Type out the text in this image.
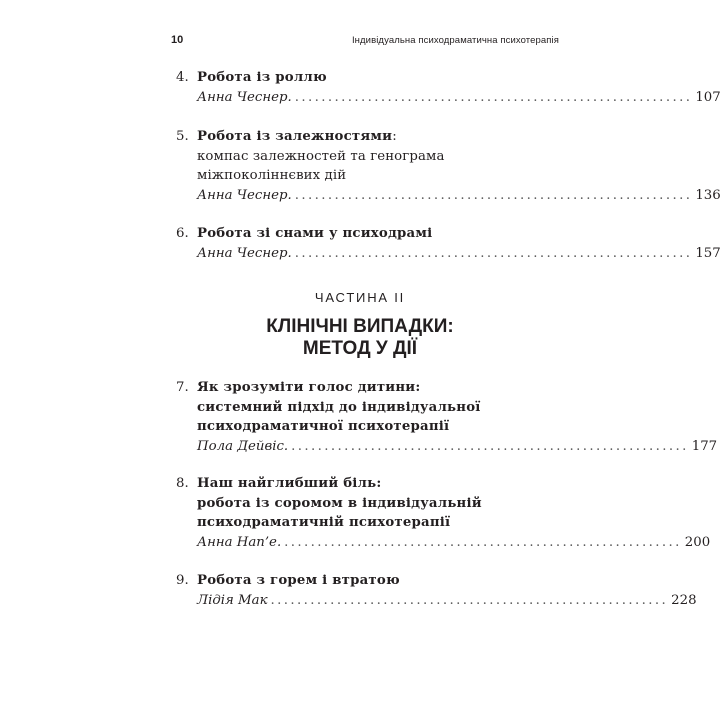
10	Індивідуальна психодраматична психотерапія
4. Робота із роллю
Анна Чеснер . ............................................................ 107
5. Робота із залежностями:
компас залежностей та генограма
міжпоколіннєвих дій
Анна Чеснер . ............................................................ 136
6. Робота зі снами у психодрамі
Анна Чеснер . ............................................................ 157
ЧАСТИНА II
КЛІНІЧНІ ВИПАДКИ:
МЕТОД У ДІЇ
7. Як зрозуміти голос дитини:
системний підхід до індивідуальної
психодраматичної психотерапії
Пола Дейвіс . ............................................................ 177
8. Наш найглибший біль:
робота із соромом в індивідуальній
психодраматичній психотерапії
Анна Нап’е . ............................................................ 200
9. Робота з горем і втратою
Лідія Мак ............................................................ 228
